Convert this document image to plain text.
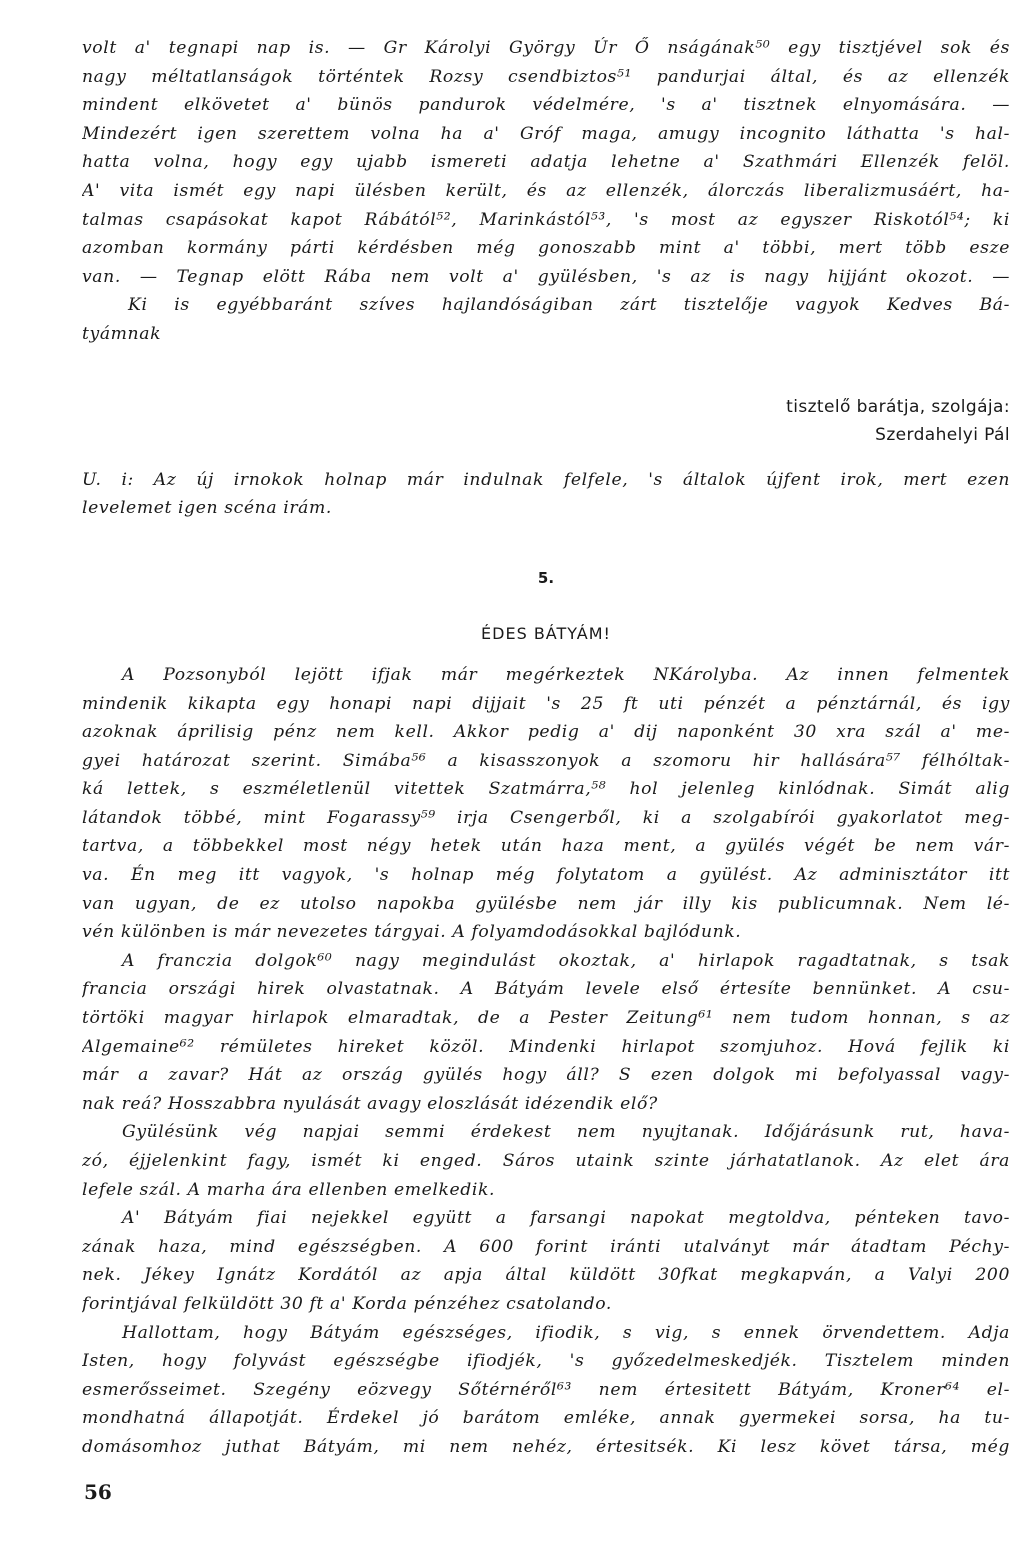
volt a' tegnapi nap is. — Gr Károlyi György Úr Ő nságának⁵⁰ egy tisztjével sok és
nagy méltatlanságok történtek Rozsy csendbiztos⁵¹ pandurjai által, és az ellenzék
mindent elkövetet a' bünös pandurok védelmére, 's a' tisztnek elnyomására. —
Mindezért igen szerettem volna ha a' Gróf maga, amugy incognito láthatta 's hal-
hatta volna, hogy egy ujabb ismereti adatja lehetne a' Szathmári Ellenzék felöl.
A' vita ismét egy napi ülésben került, és az ellenzék, álorczás liberalizmusáért, ha-
talmas csapásokat kapot Rábától⁵², Marinkástól⁵³, 's most az egyszer Riskotól⁵⁴; ki
azomban kormány párti kérdésben még gonoszabb mint a' többi, mert több esze
van. — Tegnap elött Rába nem volt a' gyülésben, 's az is nagy hijjánt okozot. —
Ki is egyébbaránt szíves hajlandóságiban zárt tisztelője vagyok Kedves Bá-
tyámnak
tisztelő barátja, szolgája:
Szerdahelyi Pál
U. i: Az új irnokok holnap már indulnak felfele, 's általok újfent irok, mert ezen
levelemet igen scéna irám.
5.
ÉDES BÁTYÁM!
A Pozsonyból lejött ifjak már megérkeztek NKárolyba. Az innen felmentek
mindenik kikapta egy honapi napi dijjait 's 25 ft uti pénzét a pénztárnál, és igy
azoknak áprilisig pénz nem kell. Akkor pedig a' dij naponként 30 xra szál a' me-
gyei határozat szerint. Simába⁵⁶ a kisasszonyok a szomoru hir hallására⁵⁷ félhóltak-
ká lettek, s eszméletlenül vitettek Szatmárra,⁵⁸ hol jelenleg kinlódnak. Simát alig
látandok többé, mint Fogarassy⁵⁹ irja Csengerből, ki a szolgabírói gyakorlatot meg-
tartva, a többekkel most négy hetek után haza ment, a gyülés végét be nem vár-
va. Én meg itt vagyok, 's holnap még folytatom a gyülést. Az adminisztátor itt
van ugyan, de ez utolso napokba gyülésbe nem jár illy kis publicumnak. Nem lé-
vén különben is már nevezetes tárgyai. A folyamdodásokkal bajlódunk.
A franczia dolgok⁶⁰ nagy megindulást okoztak, a' hirlapok ragadtatnak, s tsak
francia országi hirek olvastatnak. A Bátyám levele első értesíte bennünket. A csu-
törtöki magyar hirlapok elmaradtak, de a Pester Zeitung⁶¹ nem tudom honnan, s az
Algemaine⁶² rémületes hireket közöl. Mindenki hirlapot szomjuhoz. Hová fejlik ki
már a zavar? Hát az ország gyülés hogy áll? S ezen dolgok mi befolyassal vagy-
nak reá? Hosszabbra nyulását avagy eloszlását idézendik elő?
Gyülésünk vég napjai semmi érdekest nem nyujtanak. Időjárásunk rut, hava-
zó, éjjelenkint fagy, ismét ki enged. Sáros utaink szinte járhatatlanok. Az elet ára
lefele szál. A marha ára ellenben emelkedik.
A' Bátyám fiai nejekkel együtt a farsangi napokat megtoldva, pénteken tavo-
zának haza, mind egészségben. A 600 forint iránti utalványt már átadtam Péchy-
nek. Jékey Ignátz Kordától az apja által küldött 30fkat megkapván, a Valyi 200
forintjával felküldött 30 ft a' Korda pénzéhez csatolando.
Hallottam, hogy Bátyám egészséges, ifiodik, s vig, s ennek örvendettem. Adja
Isten, hogy folyvást egészségbe ifiodjék, 's győzedelmeskedjék. Tisztelem minden
esmerősseimet. Szegény eözvegy Sőtérnéről⁶³ nem értesitett Bátyám, Kroner⁶⁴ el-
mondhatná állapotját. Érdekel jó barátom emléke, annak gyermekei sorsa, ha tu-
domásomhoz juthat Bátyám, mi nem nehéz, értesitsék. Ki lesz követ társa, még
56
